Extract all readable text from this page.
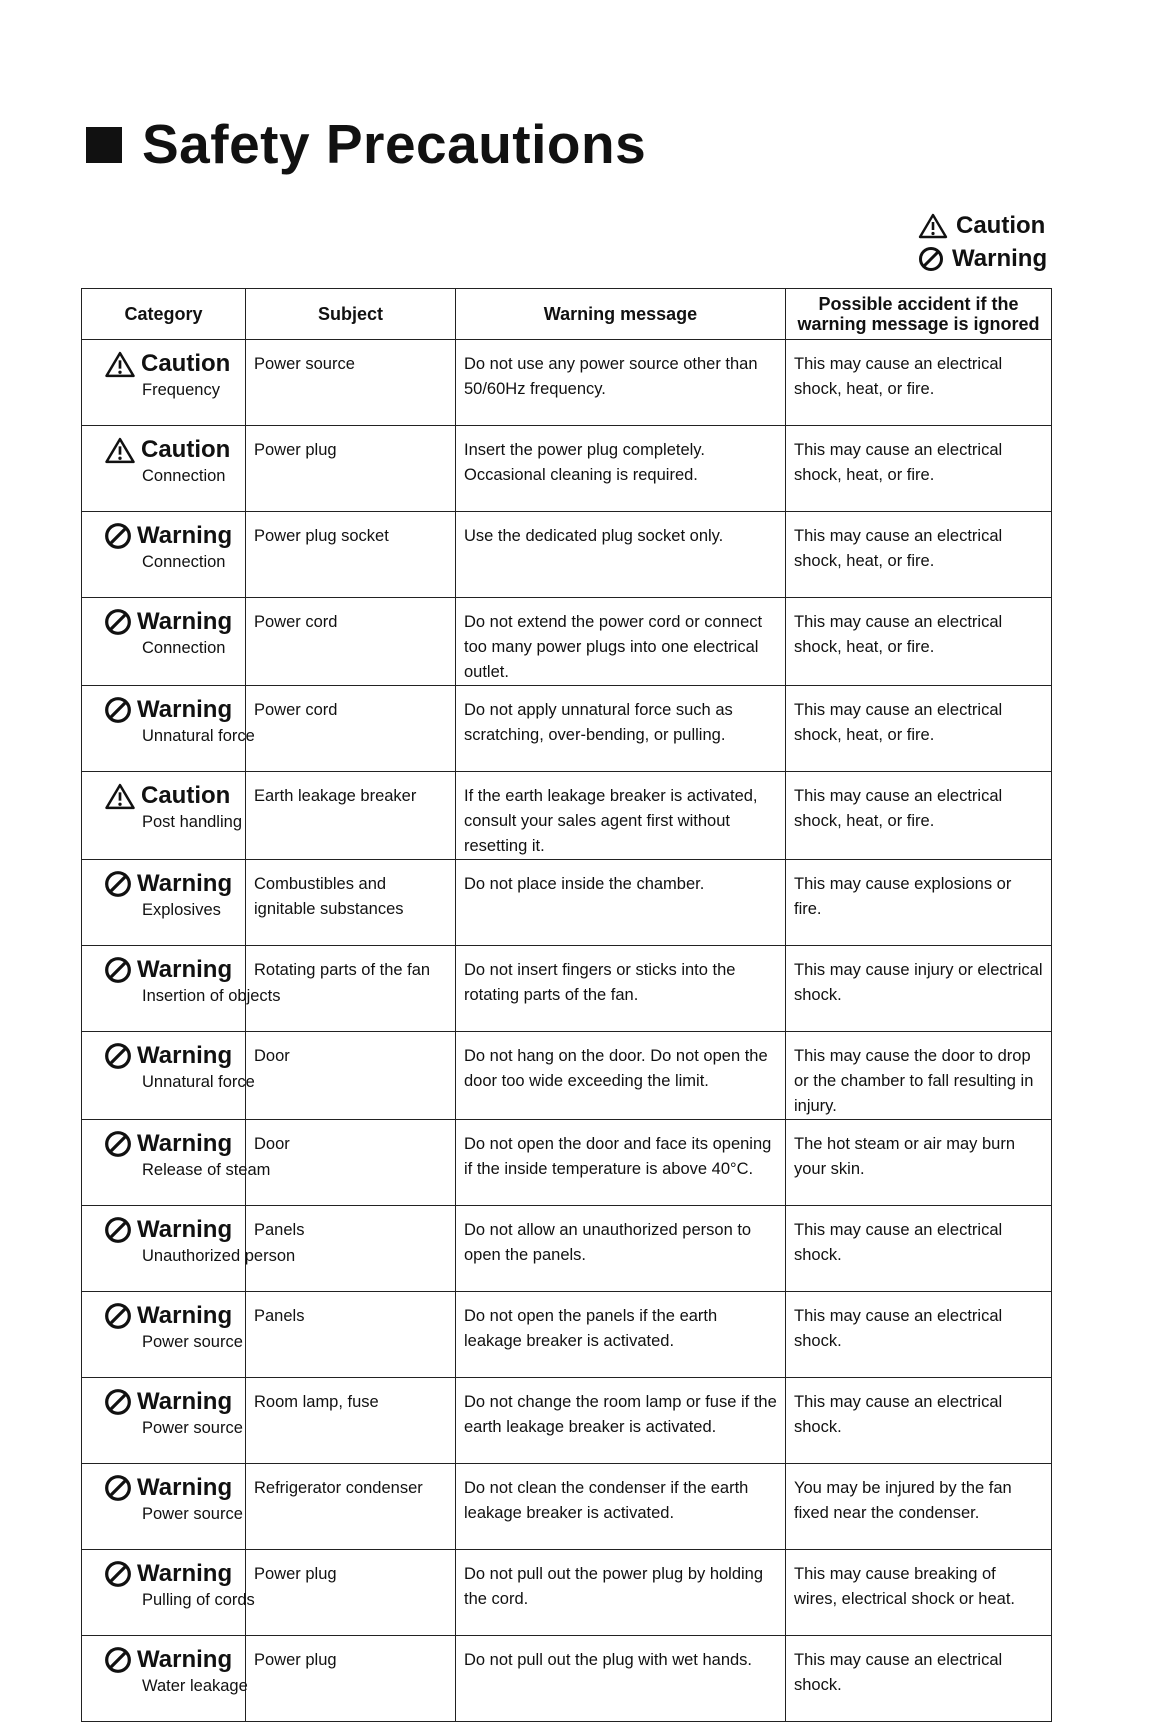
Safety Precautions
Caution
Warning
Category	Subject	Warning message	Possible accident if the warning message is ignored

Caution
Frequency	Power source	Do not use any power source other than 50/60Hz frequency.	This may cause an electrical shock, heat, or fire.

Caution
Connection	Power plug	Insert the power plug completely. Occasional cleaning is required.	This may cause an electrical shock, heat, or fire.

Warning
Connection	Power plug socket	Use the dedicated plug socket only.	This may cause an electrical shock, heat, or fire.

Warning
Connection	Power cord	Do not extend the power cord or connect too many power plugs into one electrical outlet.	This may cause an electrical shock, heat, or fire.

Warning
Unnatural force	Power cord	Do not apply unnatural force such as scratching, over-bending, or pulling.	This may cause an electrical shock, heat, or fire.

Caution
Post handling	Earth leakage breaker	If the earth leakage breaker is activated, consult your sales agent first without resetting it.	This may cause an electrical shock, heat, or fire.

Warning
Explosives	Combustibles and ignitable substances	Do not place inside the chamber.	This may cause explosions or fire.

Warning
Insertion of objects	Rotating parts of the fan	Do not insert fingers or sticks into the rotating parts of the fan.	This may cause injury or electrical shock.

Warning
Unnatural force	Door	Do not hang on the door. Do not open the door too wide exceeding the limit.	This may cause the door to drop or the chamber to fall resulting in injury.

Warning
Release of steam	Door	Do not open the door and face its opening if the inside temperature is above 40°C.	The hot steam or air may burn your skin.

Warning
Unauthorized person	Panels	Do not allow an unauthorized person to open the panels.	This may cause an electrical shock.

Warning
Power source	Panels	Do not open the panels if the earth leakage breaker is activated.	This may cause an electrical shock.

Warning
Power source	Room lamp, fuse	Do not change the room lamp or fuse if the earth leakage breaker is activated.	This may cause an electrical shock.

Warning
Power source	Refrigerator condenser	Do not clean the condenser if the earth leakage breaker is activated.	You may be injured by the fan fixed near the condenser.

Warning
Pulling of cords	Power plug	Do not pull out the power plug by holding the cord.	This may cause breaking of wires, electrical shock or heat.

Warning
Water leakage	Power plug	Do not pull out the plug with wet hands.	This may cause an electrical shock.
